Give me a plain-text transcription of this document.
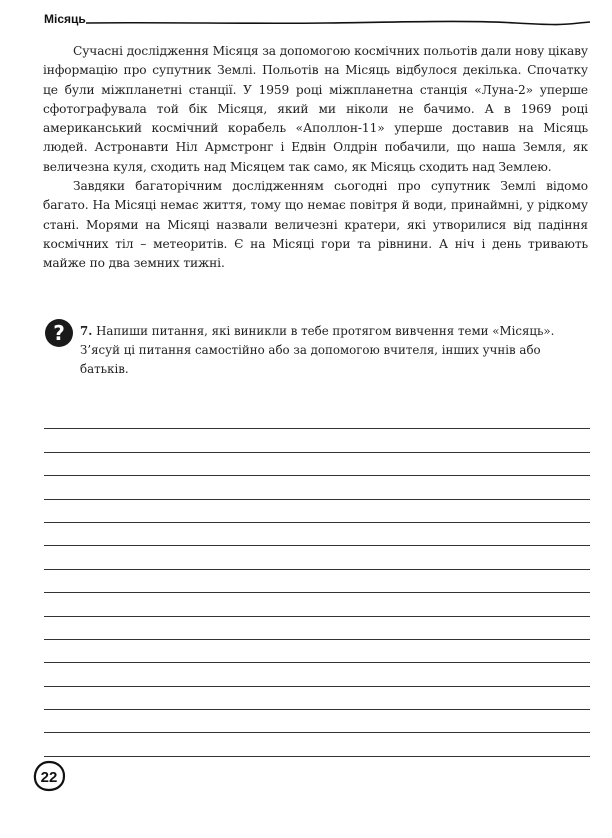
Місяць

Сучасні дослідження Місяця за допомогою космічних польотів дали нову цікаву інформацію про супутник Землі. Польотів на Місяць відбулося декілька. Спочатку це були міжпланетні станції. У 1959 році міжпланетна станція «Луна-2» уперше сфотографувала той бік Місяця, який ми ніколи не бачимо. А в 1969 році американський космічний корабель «Аполлон-11» уперше доставив на Місяць людей. Астронавти Ніл Армстронг і Едвін Олдрін побачили, що наша Земля, як величезна куля, сходить над Місяцем так само, як Місяць сходить над Землею.

Завдяки багаторічним дослідженням сьогодні про супутник Землі відомо багато. На Місяці немає життя, тому що немає повітря й води, принаймні, у рідкому стані. Морями на Місяці назвали величезні кратери, які утворилися від падіння космічних тіл – метеоритів. Є на Місяці гори та рівнини. А ніч і день тривають майже по два земних тижні.

? 7. Напиши питання, які виникли в тебе протягом вивчення теми «Місяць». З’ясуй ці питання самостійно або за допомогою вчителя, інших учнів або батьків.
22
